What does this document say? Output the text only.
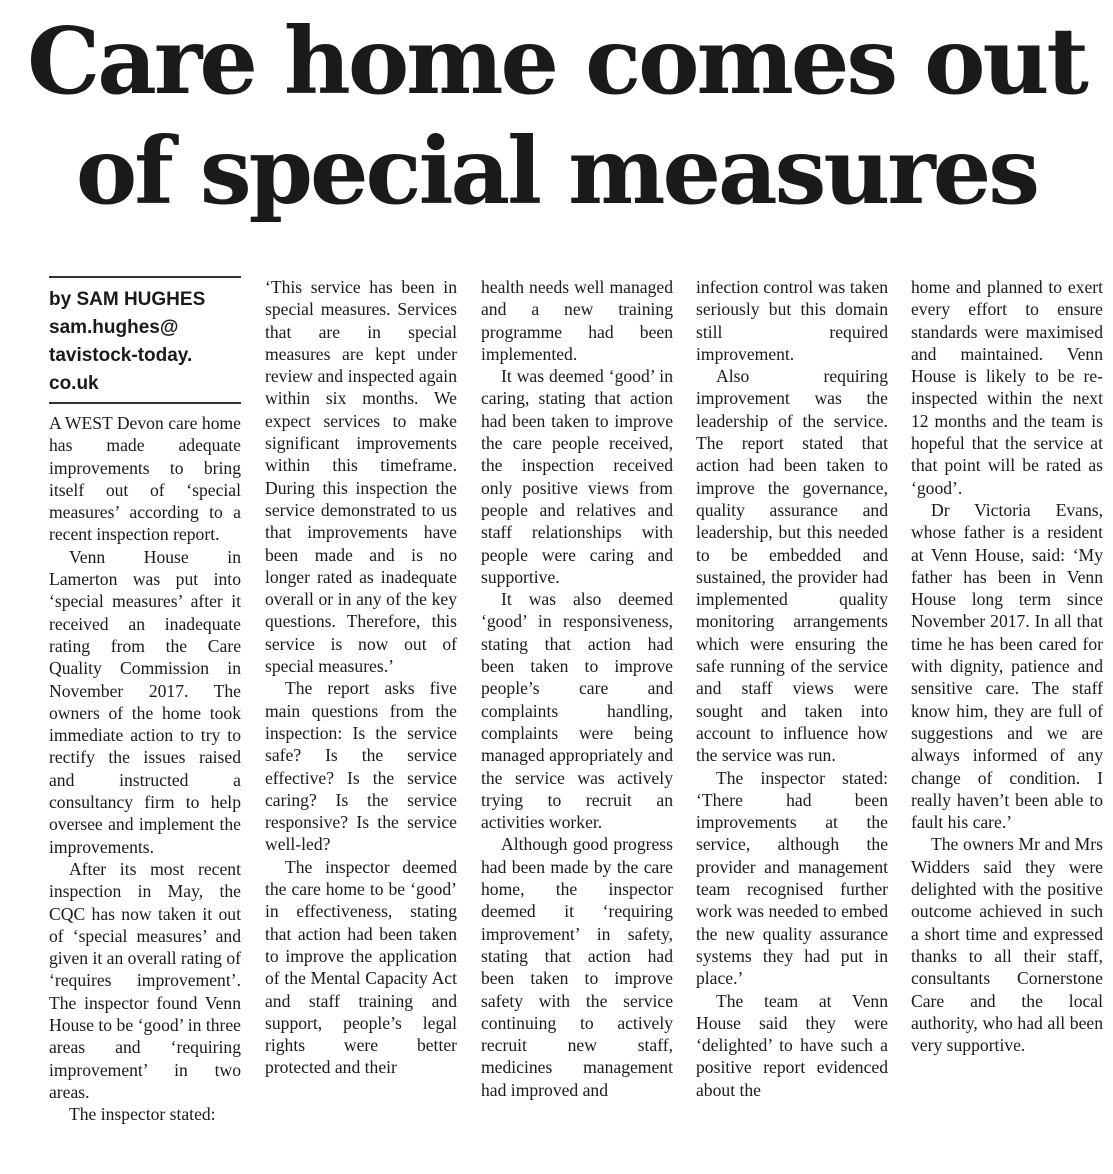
Care home comes out
of special measures
by SAM HUGHES
sam.hughes@
tavistock-today.
co.uk

A WEST Devon care home has made adequate improvements to bring itself out of ‘special measures’ according to a recent inspection report.

Venn House in Lamerton was put into ‘special measures’ after it received an inadequate rating from the Care Quality Commission in November 2017. The owners of the home took immediate action to try to rectify the issues raised and instructed a consultancy firm to help oversee and implement the improvements.

After its most recent inspection in May, the CQC has now taken it out of ‘special measures’ and given it an overall rating of ‘requires improvement’. The inspector found Venn House to be ‘good’ in three areas and ‘requiring improvement’ in two areas.

The inspector stated:

‘This service has been in special measures. Services that are in special measures are kept under review and inspected again within six months. We expect services to make significant improvements within this timeframe. During this inspection the service demonstrated to us that improvements have been made and is no longer rated as inadequate overall or in any of the key questions. Therefore, this service is now out of special measures.’

The report asks five main questions from the inspection: Is the service safe? Is the service effective? Is the service caring? Is the service responsive? Is the service well-led?

The inspector deemed the care home to be ‘good’ in effectiveness, stating that action had been taken to improve the application of the Mental Capacity Act and staff training and support, people’s legal rights were better protected and their

health needs well managed and a new training programme had been implemented.

It was deemed ‘good’ in caring, stating that action had been taken to improve the care people received, the inspection received only positive views from people and relatives and staff relationships with people were caring and supportive.

It was also deemed ‘good’ in responsiveness, stating that action had been taken to improve people’s care and complaints handling, complaints were being managed appropriately and the service was actively trying to recruit an activities worker.

Although good progress had been made by the care home, the inspector deemed it ‘requiring improvement’ in safety, stating that action had been taken to improve safety with the service continuing to actively recruit new staff, medicines management had improved and

infection control was taken seriously but this domain still required improvement.

Also requiring improvement was the leadership of the service. The report stated that action had been taken to improve the governance, quality assurance and leadership, but this needed to be embedded and sustained, the provider had implemented quality monitoring arrangements which were ensuring the safe running of the service and staff views were sought and taken into account to influence how the service was run.

The inspector stated: ‘There had been improvements at the service, although the provider and management team recognised further work was needed to embed the new quality assurance systems they had put in place.’

The team at Venn House said they were ‘delighted’ to have such a positive report evidenced about the

home and planned to exert every effort to ensure standards were maximised and maintained. Venn House is likely to be re-inspected within the next 12 months and the team is hopeful that the service at that point will be rated as ‘good’.

Dr Victoria Evans, whose father is a resident at Venn House, said: ‘My father has been in Venn House long term since November 2017. In all that time he has been cared for with dignity, patience and sensitive care. The staff know him, they are full of suggestions and we are always informed of any change of condition. I really haven’t been able to fault his care.’

The owners Mr and Mrs Widders said they were delighted with the positive outcome achieved in such a short time and expressed thanks to all their staff, consultants Cornerstone Care and the local authority, who had all been very supportive.
